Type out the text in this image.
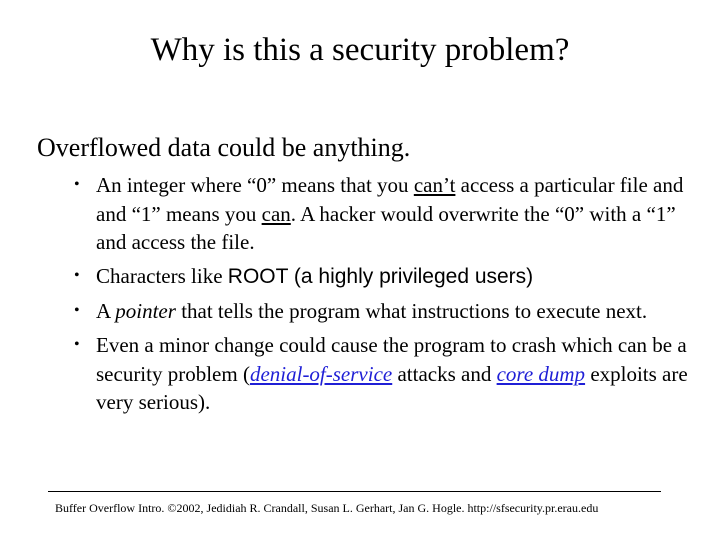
Why is this a security problem?
Overflowed data could be anything.
• An integer where “0” means that you can’t access a particular file and and “1” means you can. A hacker would overwrite the “0” with a “1” and access the file.
• Characters like ROOT (a highly privileged users)
• A pointer that tells the program what instructions to execute next.
• Even a minor change could cause the program to crash which can be a security problem (denial-of-service attacks and core dump exploits are very serious).
Buffer Overflow Intro. ©2002, Jedidiah R. Crandall, Susan L. Gerhart, Jan G. Hogle. http://sfsecurity.pr.erau.edu
